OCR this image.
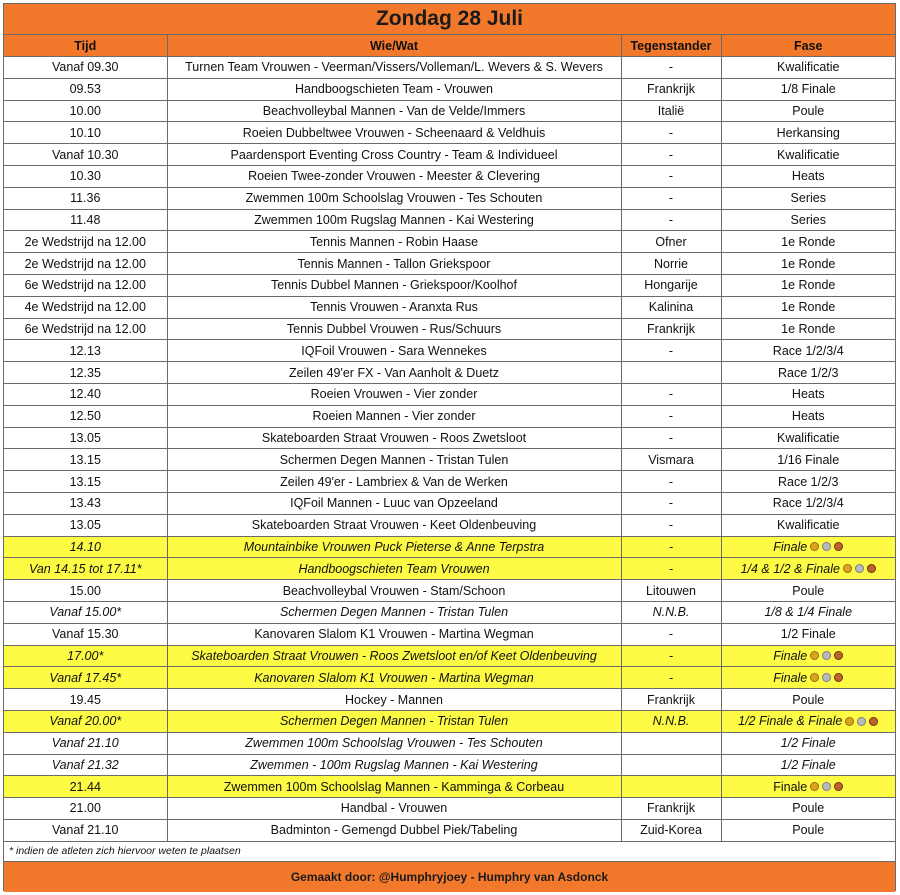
Zondag 28 Juli
Tijd	Wie/Wat	Tegenstander	Fase
Vanaf 09.30	Turnen Team Vrouwen - Veerman/Vissers/Volleman/L. Wevers & S. Wevers	-	Kwalificatie
09.53	Handboogschieten Team - Vrouwen	Frankrijk	1/8 Finale
10.00	Beachvolleybal Mannen - Van de Velde/Immers	Italië	Poule
10.10	Roeien Dubbeltwee Vrouwen - Scheenaard & Veldhuis	-	Herkansing
Vanaf 10.30	Paardensport Eventing Cross Country - Team & Individueel	-	Kwalificatie
10.30	Roeien Twee-zonder Vrouwen - Meester & Clevering	-	Heats
11.36	Zwemmen 100m Schoolslag Vrouwen - Tes Schouten	-	Series
11.48	Zwemmen 100m Rugslag Mannen - Kai Westering	-	Series
2e Wedstrijd na 12.00	Tennis Mannen - Robin Haase	Ofner	1e Ronde
2e Wedstrijd na 12.00	Tennis Mannen - Tallon Griekspoor	Norrie	1e Ronde
6e Wedstrijd na 12.00	Tennis Dubbel Mannen - Griekspoor/Koolhof	Hongarije	1e Ronde
4e Wedstrijd na 12.00	Tennis Vrouwen - Aranxta Rus	Kalinina	1e Ronde
6e Wedstrijd na 12.00	Tennis Dubbel Vrouwen - Rus/Schuurs	Frankrijk	1e Ronde
12.13	IQFoil Vrouwen - Sara Wennekes	-	Race 1/2/3/4
12.35	Zeilen 49'er FX - Van Aanholt & Duetz		Race 1/2/3
12.40	Roeien Vrouwen - Vier zonder	-	Heats
12.50	Roeien Mannen - Vier zonder	-	Heats
13.05	Skateboarden Straat Vrouwen - Roos Zwetsloot	-	Kwalificatie
13.15	Schermen Degen Mannen - Tristan Tulen	Vismara	1/16 Finale
13.15	Zeilen 49'er - Lambriex & Van de Werken	-	Race 1/2/3
13.43	IQFoil Mannen - Luuc van Opzeeland	-	Race 1/2/3/4
13.05	Skateboarden Straat Vrouwen - Keet Oldenbeuving	-	Kwalificatie
14.10	Mountainbike Vrouwen Puck Pieterse & Anne Terpstra	-	Finale
Van 14.15 tot 17.11*	Handboogschieten Team Vrouwen	-	1/4 & 1/2 & Finale
15.00	Beachvolleybal Vrouwen - Stam/Schoon	Litouwen	Poule
Vanaf 15.00*	Schermen Degen Mannen - Tristan Tulen	N.N.B.	1/8 & 1/4 Finale
Vanaf 15.30	Kanovaren Slalom K1 Vrouwen - Martina Wegman	-	1/2 Finale
17.00*	Skateboarden Straat Vrouwen - Roos Zwetsloot en/of Keet Oldenbeuving	-	Finale
Vanaf 17.45*	Kanovaren Slalom K1 Vrouwen - Martina Wegman	-	Finale
19.45	Hockey - Mannen	Frankrijk	Poule
Vanaf 20.00*	Schermen Degen Mannen - Tristan Tulen	N.N.B.	1/2 Finale & Finale
Vanaf 21.10	Zwemmen 100m Schoolslag Vrouwen - Tes Schouten		1/2 Finale
Vanaf 21.32	Zwemmen - 100m Rugslag Mannen - Kai Westering		1/2 Finale
21.44	Zwemmen 100m Schoolslag Mannen - Kamminga & Corbeau		Finale
21.00	Handbal - Vrouwen	Frankrijk	Poule
Vanaf 21.10	Badminton - Gemengd Dubbel Piek/Tabeling	Zuid-Korea	Poule
* indien de atleten zich hiervoor weten te plaatsen
Gemaakt door: @Humphryjoey - Humphry van Asdonck
